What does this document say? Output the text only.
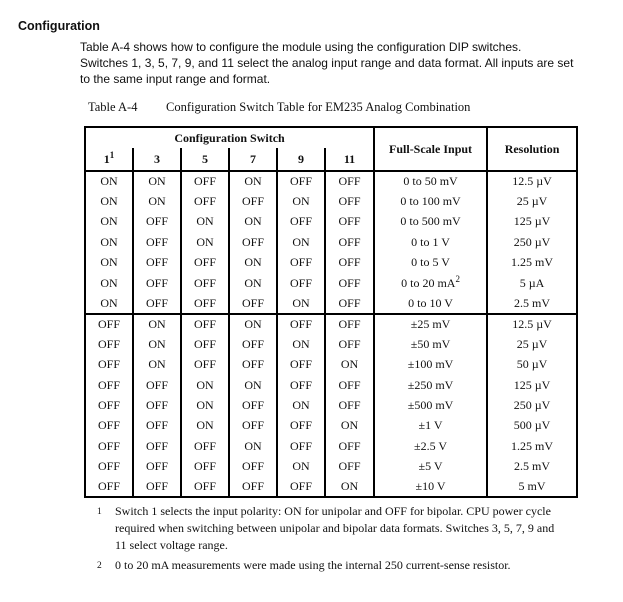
Configuration
Table A-4 shows how to configure the module using the configuration DIP switches.
Switches 1, 3, 5, 7, 9, and 11 select the analog input range and data format. All inputs are set
to the same input range and format.
Table A-4 Configuration Switch Table for EM235 Analog Combination
Configuration Switch						Full-Scale Input	Resolution
$1^1$	3	5	7	9	11		
ON	ON	OFF	ON	OFF	OFF	0 to 50 mV	12.5 µV
ON	ON	OFF	OFF	ON	OFF	0 to 100 mV	25 µV
ON	OFF	ON	ON	OFF	OFF	0 to 500 mV	125 µV
ON	OFF	ON	OFF	ON	OFF	0 to 1 V	250 µV
ON	OFF	OFF	ON	OFF	OFF	0 to 5 V	1.25 mV
ON	OFF	OFF	ON	OFF	OFF	0 to 20 $mA^2$	5 µA
ON	OFF	OFF	OFF	ON	OFF	0 to 10 V	2.5 mV
OFF	ON	OFF	ON	OFF	OFF	±25 mV	12.5 µV
OFF	ON	OFF	OFF	ON	OFF	±50 mV	25 µV
OFF	ON	OFF	OFF	OFF	ON	±100 mV	50 µV
OFF	OFF	ON	ON	OFF	OFF	±250 mV	125 µV
OFF	OFF	ON	OFF	ON	OFF	±500 mV	250 µV
OFF	OFF	ON	OFF	OFF	ON	±1 V	500 µV
OFF	OFF	OFF	ON	OFF	OFF	±2.5 V	1.25 mV
OFF	OFF	OFF	OFF	ON	OFF	±5 V	2.5 mV
OFF	OFF	OFF	OFF	OFF	ON	±10 V	5 mV
1	Switch 1 selects the input polarity: ON for unipolar and OFF for bipolar. CPU power cycle
required when switching between unipolar and bipolar data formats. Switches 3, 5, 7, 9 and
11 select voltage range.
2	0 to 20 mA measurements were made using the internal 250 current-sense resistor.
